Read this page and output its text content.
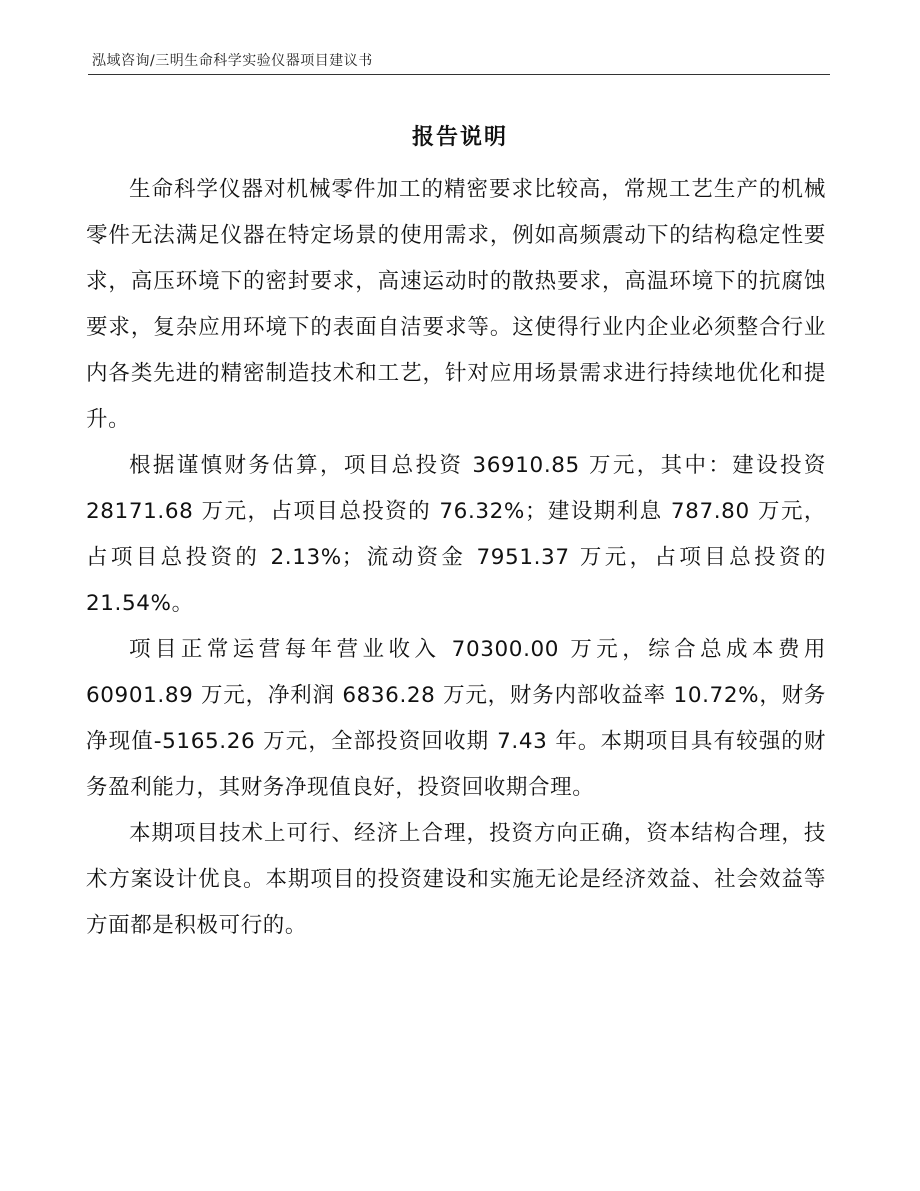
泓域咨询/三明生命科学实验仪器项目建议书
报告说明

生命科学仪器对机械零件加工的精密要求比较高，常规工艺生产的机械零件无法满足仪器在特定场景的使用需求，例如高频震动下的结构稳定性要求，高压环境下的密封要求，高速运动时的散热要求，高温环境下的抗腐蚀要求，复杂应用环境下的表面自洁要求等。这使得行业内企业必须整合行业内各类先进的精密制造技术和工艺，针对应用场景需求进行持续地优化和提升。

根据谨慎财务估算，项目总投资 36910.85 万元，其中：建设投资 28171.68 万元，占项目总投资的 76.32%；建设期利息 787.80 万元，占项目总投资的 2.13%；流动资金 7951.37 万元，占项目总投资的 21.54%。

项目正常运营每年营业收入 70300.00 万元，综合总成本费用 60901.89 万元，净利润 6836.28 万元，财务内部收益率 10.72%，财务净现值-5165.26 万元，全部投资回收期 7.43 年。本期项目具有较强的财务盈利能力，其财务净现值良好，投资回收期合理。

本期项目技术上可行、经济上合理，投资方向正确，资本结构合理，技术方案设计优良。本期项目的投资建设和实施无论是经济效益、社会效益等方面都是积极可行的。
